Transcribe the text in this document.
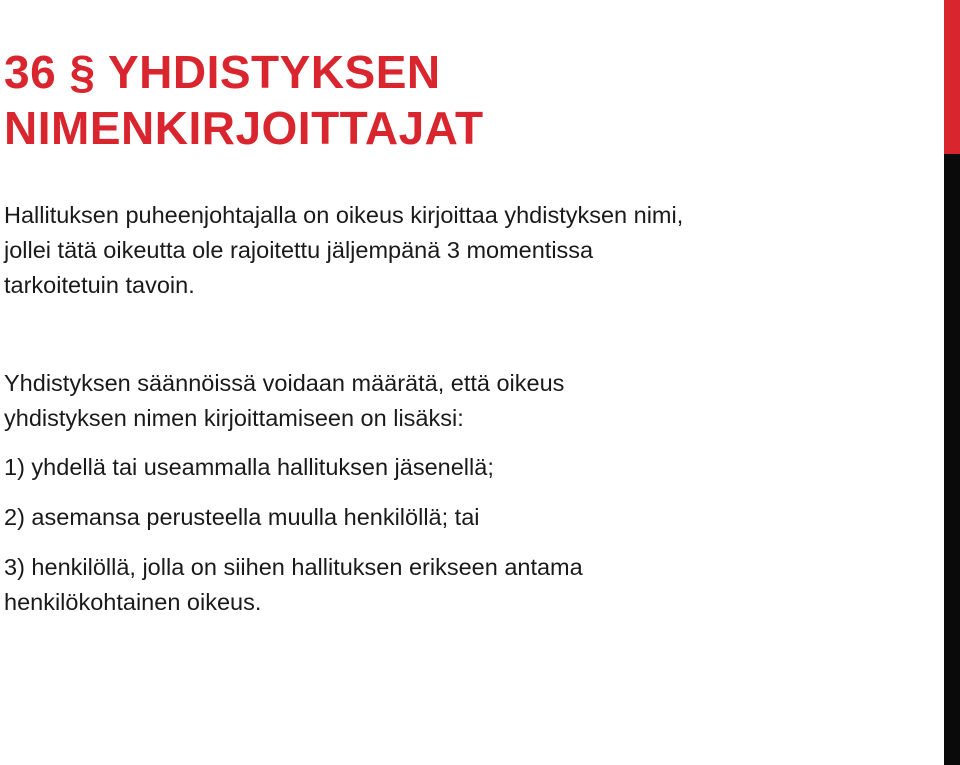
36 § YHDISTYKSEN
NIMENKIRJOITTAJAT

Hallituksen puheenjohtajalla on oikeus kirjoittaa yhdistyksen nimi,
jollei tätä oikeutta ole rajoitettu jäljempänä 3 momentissa
tarkoitetuin tavoin.

Yhdistyksen säännöissä voidaan määrätä, että oikeus
yhdistyksen nimen kirjoittamiseen on lisäksi:

1) yhdellä tai useammalla hallituksen jäsenellä;

2) asemansa perusteella muulla henkilöllä; tai

3) henkilöllä, jolla on siihen hallituksen erikseen antama
henkilökohtainen oikeus.
